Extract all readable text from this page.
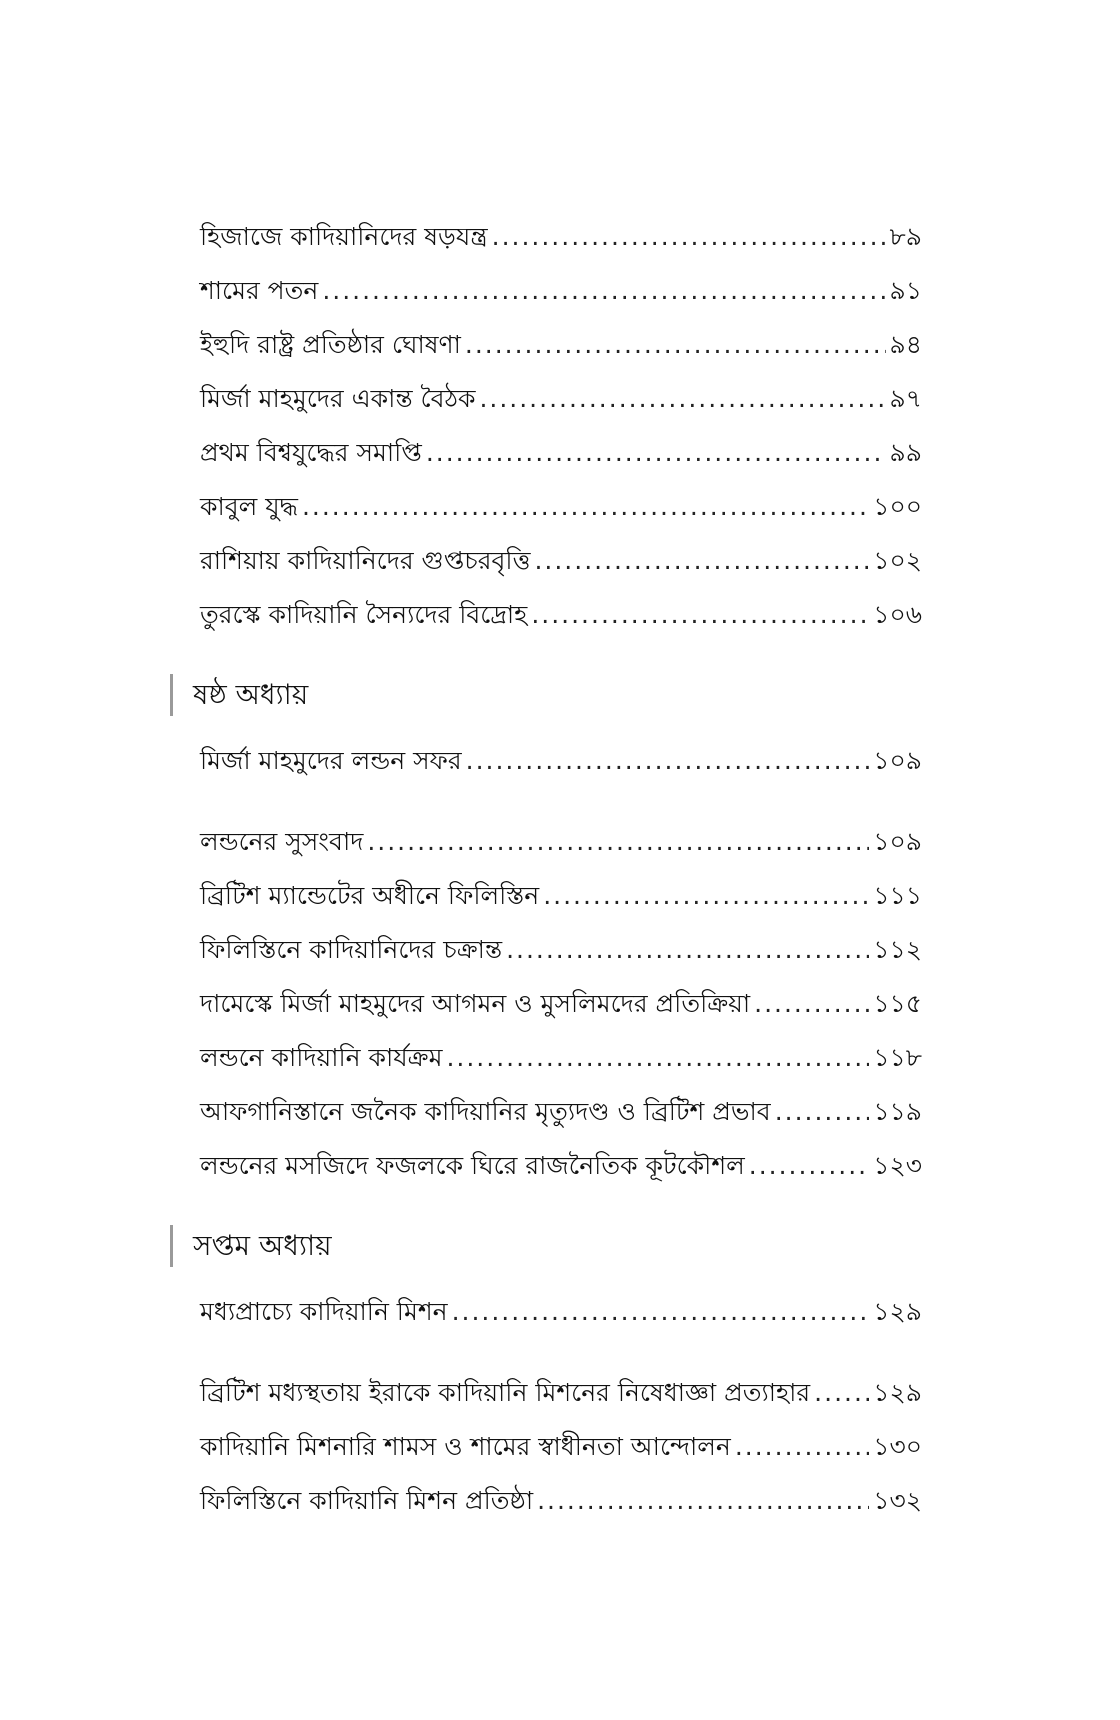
হিজাজে কাদিয়ানিদের ষড়যন্ত্র .....	৮৯
শামের পতন .....	৯১
ইহুদি রাষ্ট্র প্রতিষ্ঠার ঘোষণা .....	৯৪
মির্জা মাহমুদের একান্ত বৈঠক .....	৯৭
প্রথম বিশ্বযুদ্ধের সমাপ্তি .....	৯৯
কাবুল যুদ্ধ .....	১০০
রাশিয়ায় কাদিয়ানিদের গুপ্তচরবৃত্তি .....	১০২
তুরস্কে কাদিয়ানি সৈন্যদের বিদ্রোহ .....	১০৬
মির্জা মাহমুদের লন্ডন সফর .....	১০৯
লন্ডনের সুসংবাদ .....	১০৯
ব্রিটিশ ম্যান্ডেটের অধীনে ফিলিস্তিন .....	১১১
ফিলিস্তিনে কাদিয়ানিদের চক্রান্ত .....	১১২
দামেস্কে মির্জা মাহমুদের আগমন ও মুসলিমদের প্রতিক্রিয়া .....	১১৫
লন্ডনে কাদিয়ানি কার্যক্রম .....	১১৮
আফগানিস্তানে জনৈক কাদিয়ানির মৃত্যুদণ্ড ও ব্রিটিশ প্রভাব .....	১১৯
লন্ডনের মসজিদে ফজলকে ঘিরে রাজনৈতিক কূটকৌশল .....	১২৩
মধ্যপ্রাচ্যে কাদিয়ানি মিশন .....	১২৯
ব্রিটিশ মধ্যস্থতায় ইরাকে কাদিয়ানি মিশনের নিষেধাজ্ঞা প্রত্যাহার .....	১২৯
কাদিয়ানি মিশনারি শামস ও শামের স্বাধীনতা আন্দোলন .....	১৩০
ফিলিস্তিনে কাদিয়ানি মিশন প্রতিষ্ঠা .....	১৩২
ষষ্ঠ অধ্যায়
সপ্তম অধ্যায়
